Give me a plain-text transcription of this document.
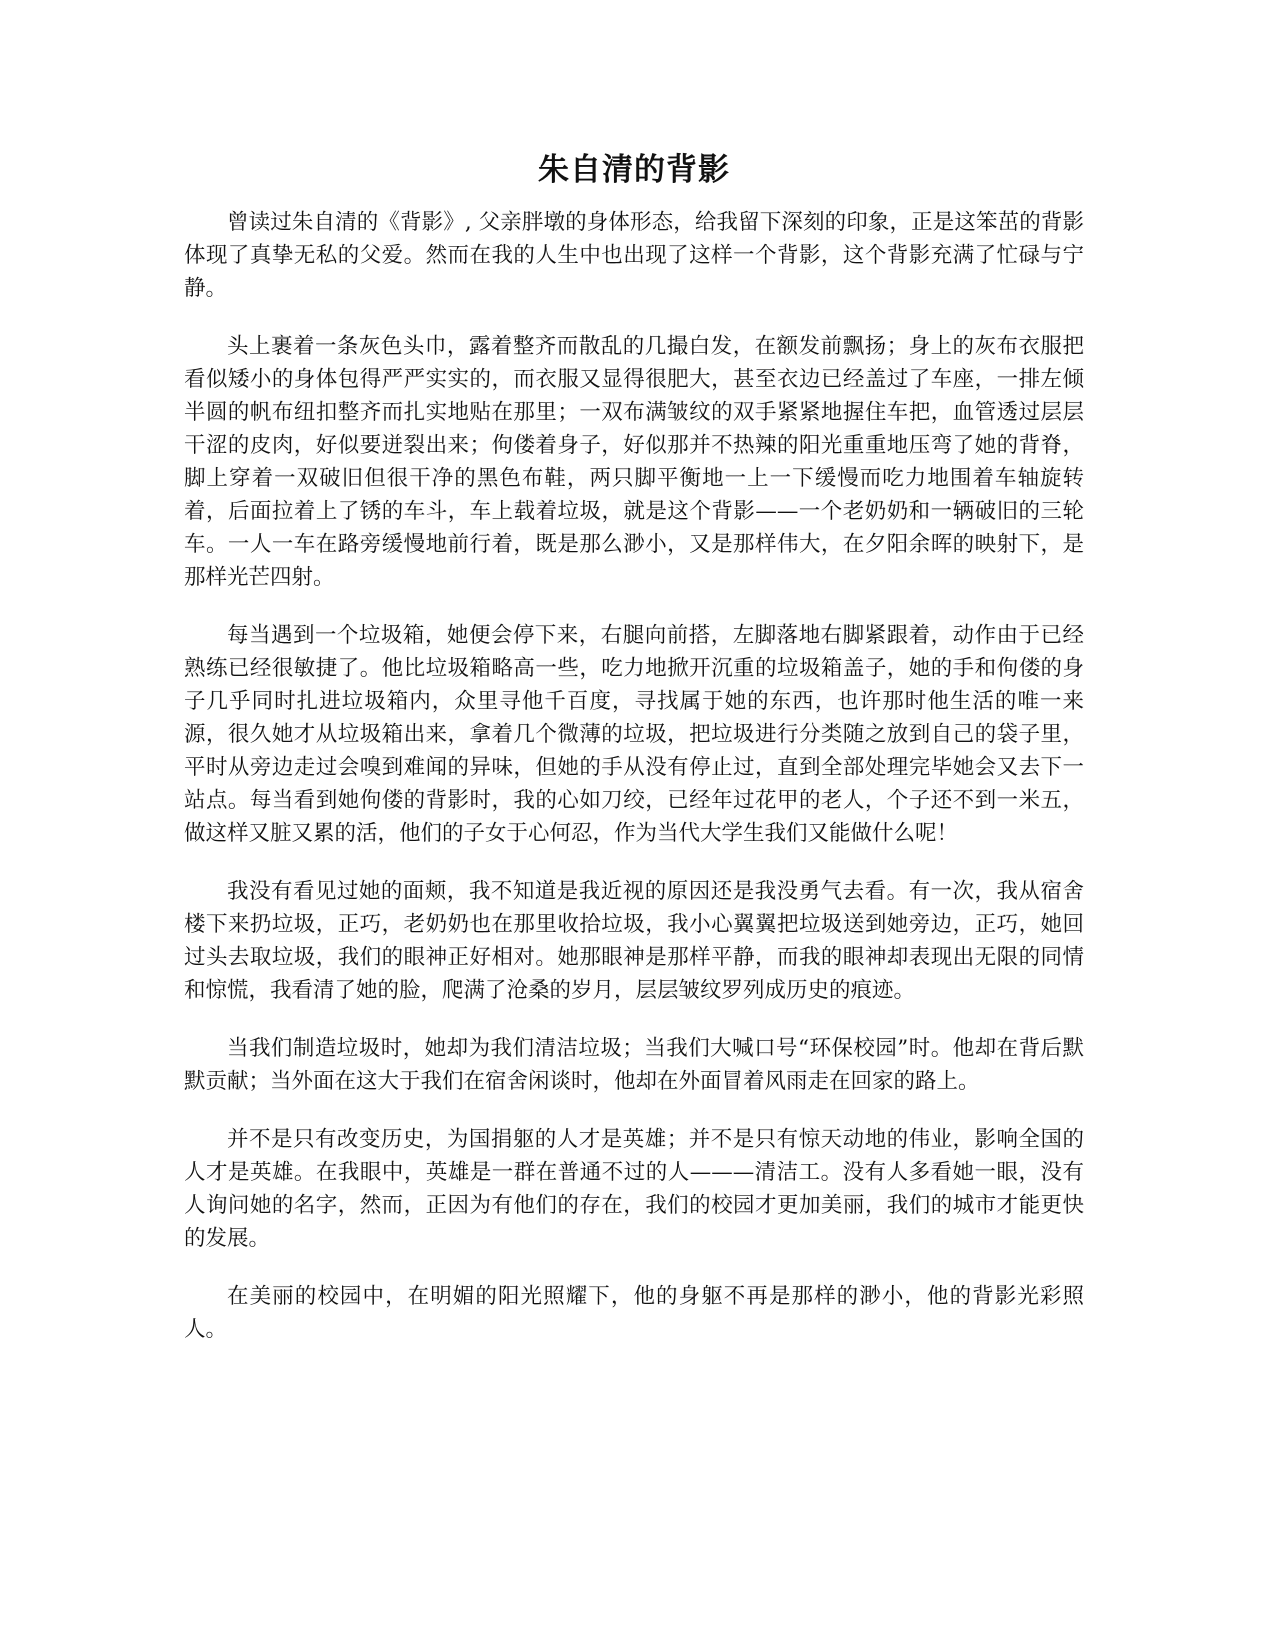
朱自清的背影

曾读过朱自清的《背影》, 父亲胖墩的身体形态，给我留下深刻的印象，正是这笨茁的背影体现了真挚无私的父爱。然而在我的人生中也出现了这样一个背影，这个背影充满了忙碌与宁静。

头上裹着一条灰色头巾，露着整齐而散乱的几撮白发，在额发前飘扬；身上的灰布衣服把看似矮小的身体包得严严实实的，而衣服又显得很肥大，甚至衣边已经盖过了车座，一排左倾半圆的帆布纽扣整齐而扎实地贴在那里；一双布满皱纹的双手紧紧地握住车把，血管透过层层干涩的皮肉，好似要迸裂出来；佝偻着身子，好似那并不热辣的阳光重重地压弯了她的背脊，脚上穿着一双破旧但很干净的黑色布鞋，两只脚平衡地一上一下缓慢而吃力地围着车轴旋转着，后面拉着上了锈的车斗，车上载着垃圾，就是这个背影——一个老奶奶和一辆破旧的三轮车。一人一车在路旁缓慢地前行着，既是那么渺小，又是那样伟大，在夕阳余晖的映射下，是那样光芒四射。

每当遇到一个垃圾箱，她便会停下来，右腿向前搭，左脚落地右脚紧跟着，动作由于已经熟练已经很敏捷了。他比垃圾箱略高一些，吃力地掀开沉重的垃圾箱盖子，她的手和佝偻的身子几乎同时扎进垃圾箱内，众里寻他千百度，寻找属于她的东西，也许那时他生活的唯一来源，很久她才从垃圾箱出来，拿着几个微薄的垃圾，把垃圾进行分类随之放到自己的袋子里，平时从旁边走过会嗅到难闻的异味，但她的手从没有停止过，直到全部处理完毕她会又去下一站点。每当看到她佝偻的背影时，我的心如刀绞，已经年过花甲的老人，个子还不到一米五，做这样又脏又累的活，他们的子女于心何忍，作为当代大学生我们又能做什么呢！

我没有看见过她的面颊，我不知道是我近视的原因还是我没勇气去看。有一次，我从宿舍楼下来扔垃圾，正巧，老奶奶也在那里收拾垃圾，我小心翼翼把垃圾送到她旁边，正巧，她回过头去取垃圾，我们的眼神正好相对。她那眼神是那样平静，而我的眼神却表现出无限的同情和惊慌，我看清了她的脸，爬满了沧桑的岁月，层层皱纹罗列成历史的痕迹。

当我们制造垃圾时，她却为我们清洁垃圾；当我们大喊口号“环保校园”时。他却在背后默默贡献；当外面在这大于我们在宿舍闲谈时，他却在外面冒着风雨走在回家的路上。

并不是只有改变历史，为国捐躯的人才是英雄；并不是只有惊天动地的伟业，影响全国的人才是英雄。在我眼中，英雄是一群在普通不过的人———清洁工。没有人多看她一眼，没有人询问她的名字，然而，正因为有他们的存在，我们的校园才更加美丽，我们的城市才能更快的发展。

在美丽的校园中，在明媚的阳光照耀下，他的身躯不再是那样的渺小，他的背影光彩照人。
